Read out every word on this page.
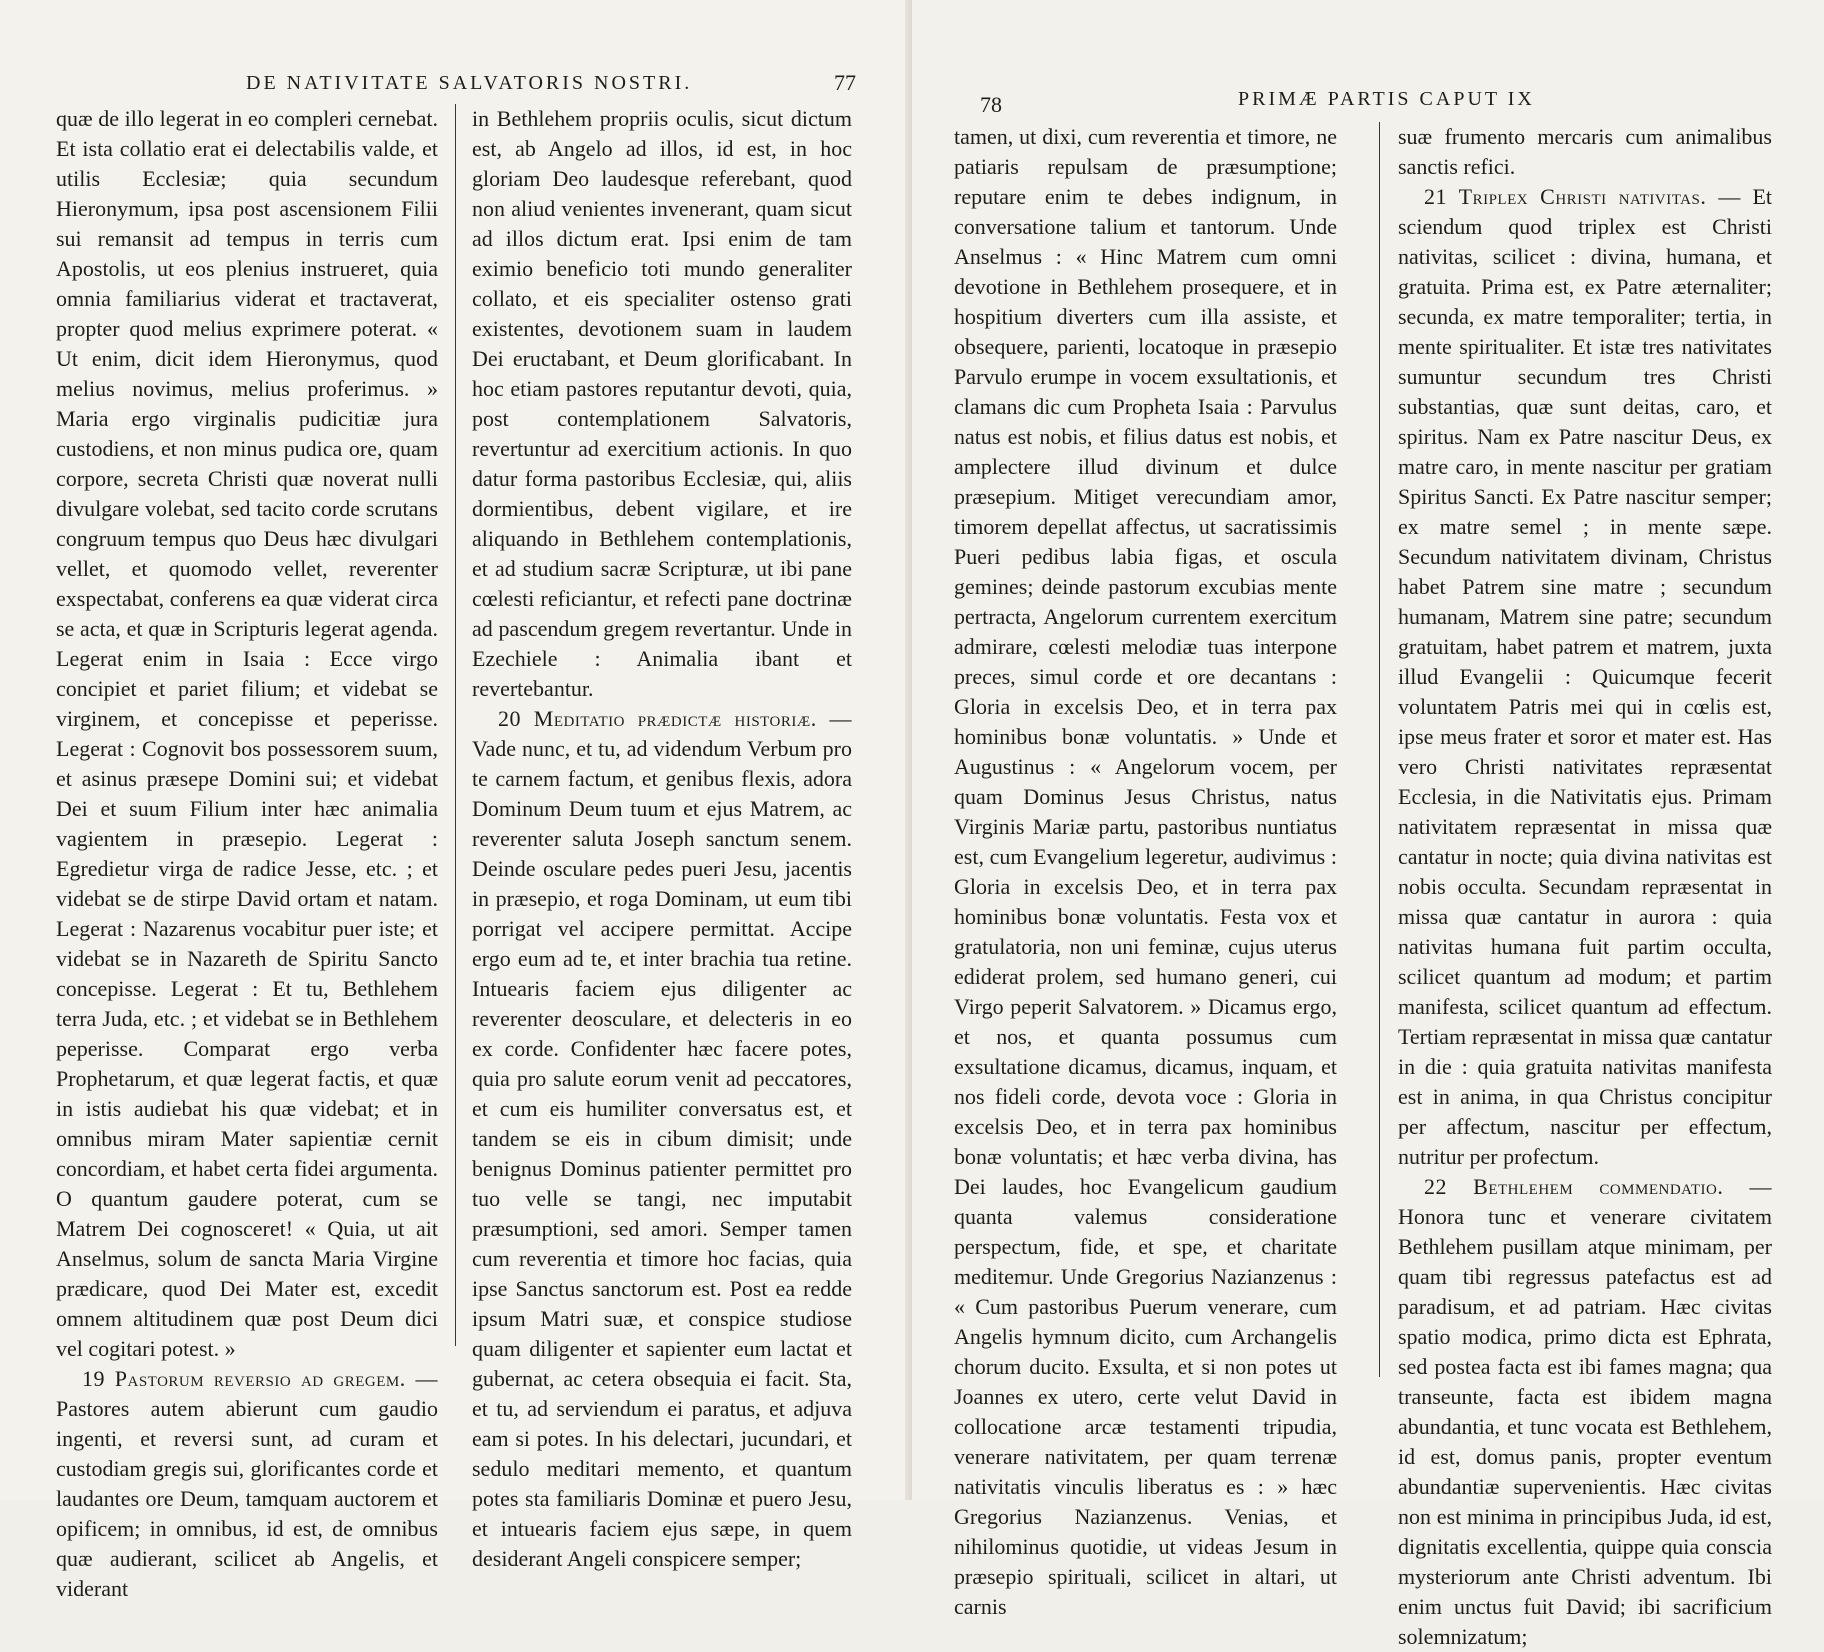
DE NATIVITATE SALVATORIS NOSTRI.	77

quæ de illo legerat in eo compleri cernebat. Et ista collatio erat ei delectabilis valde, et utilis Ecclesiæ; quia secundum Hieronymum, ipsa post ascensionem Filii sui remansit ad tempus in terris cum Apostolis, ut eos plenius instrueret, quia omnia familiarius viderat et tractaverat, propter quod melius exprimere poterat. « Ut enim, dicit idem Hieronymus, quod melius novimus, melius proferimus. » Maria ergo virginalis pudicitiæ jura custodiens, et non minus pudica ore, quam corpore, secreta Christi quæ noverat nulli divulgare volebat, sed tacito corde scrutans congruum tempus quo Deus hæc divulgari vellet, et quomodo vellet, reverenter exspectabat, conferens ea quæ viderat circa se acta, et quæ in Scripturis legerat agenda. Legerat enim in Isaia : Ecce virgo concipiet et pariet filium; et videbat se virginem, et concepisse et peperisse. Legerat : Cognovit bos possessorem suum, et asinus præsepe Domini sui; et videbat Dei et suum Filium inter hæc animalia vagientem in præsepio. Legerat : Egredietur virga de radice Jesse, etc. ; et videbat se de stirpe David ortam et natam. Legerat : Nazarenus vocabitur puer iste; et videbat se in Nazareth de Spiritu Sancto concepisse. Legerat : Et tu, Bethlehem terra Juda, etc. ; et videbat se in Bethlehem peperisse. Comparat ergo verba Prophetarum, et quæ legerat factis, et quæ in istis audiebat his quæ videbat; et in omnibus miram Mater sapientiæ cernit concordiam, et habet certa fidei argumenta. O quantum gaudere poterat, cum se Matrem Dei cognosceret! « Quia, ut ait Anselmus, solum de sancta Maria Virgine prædicare, quod Dei Mater est, excedit omnem altitudinem quæ post Deum dici vel cogitari potest. »

19 Pastorum reversio ad gregem. — Pastores autem abierunt cum gaudio ingenti, et reversi sunt, ad curam et custodiam gregis sui, glorificantes corde et laudantes ore Deum, tamquam auctorem et opificem; in omnibus, id est, de omnibus quæ audierant, scilicet ab Angelis, et viderant

in Bethlehem propriis oculis, sicut dictum est, ab Angelo ad illos, id est, in hoc gloriam Deo laudesque referebant, quod non aliud venientes invenerant, quam sicut ad illos dictum erat. Ipsi enim de tam eximio beneficio toti mundo generaliter collato, et eis specialiter ostenso grati existentes, devotionem suam in laudem Dei eructabant, et Deum glorificabant. In hoc etiam pastores reputantur devoti, quia, post contemplationem Salvatoris, revertuntur ad exercitium actionis. In quo datur forma pastoribus Ecclesiæ, qui, aliis dormientibus, debent vigilare, et ire aliquando in Bethlehem contemplationis, et ad studium sacræ Scripturæ, ut ibi pane cœlesti reficiantur, et refecti pane doctrinæ ad pascendum gregem revertantur. Unde in Ezechiele : Animalia ibant et revertebantur.

20 Meditatio prædictæ historiæ. — Vade nunc, et tu, ad videndum Verbum pro te carnem factum, et genibus flexis, adora Dominum Deum tuum et ejus Matrem, ac reverenter saluta Joseph sanctum senem. Deinde osculare pedes pueri Jesu, jacentis in præsepio, et roga Dominam, ut eum tibi porrigat vel accipere permittat. Accipe ergo eum ad te, et inter brachia tua retine. Intuearis faciem ejus diligenter ac reverenter deosculare, et delecteris in eo ex corde. Confidenter hæc facere potes, quia pro salute eorum venit ad peccatores, et cum eis humiliter conversatus est, et tandem se eis in cibum dimisit; unde benignus Dominus patienter permittet pro tuo velle se tangi, nec imputabit præsumptioni, sed amori. Semper tamen cum reverentia et timore hoc facias, quia ipse Sanctus sanctorum est. Post ea redde ipsum Matri suæ, et conspice studiose quam diligenter et sapienter eum lactat et gubernat, ac cetera obsequia ei facit. Sta, et tu, ad serviendum ei paratus, et adjuva eam si potes. In his delectari, jucundari, et sedulo meditari memento, et quantum potes sta familiaris Dominæ et puero Jesu, et intuearis faciem ejus sæpe, in quem desiderant Angeli conspicere semper;

78	PRIMÆ PARTIS CAPUT IX

tamen, ut dixi, cum reverentia et timore, ne patiaris repulsam de præsumptione; reputare enim te debes indignum, in conversatione talium et tantorum. Unde Anselmus : « Hinc Matrem cum omni devotione in Bethlehem prosequere, et in hospitium diverters cum illa assiste, et obsequere, parienti, locatoque in præsepio Parvulo erumpe in vocem exsultationis, et clamans dic cum Propheta Isaia : Parvulus natus est nobis, et filius datus est nobis, et amplectere illud divinum et dulce præsepium. Mitiget verecundiam amor, timorem depellat affectus, ut sacratissimis Pueri pedibus labia figas, et oscula gemines; deinde pastorum excubias mente pertracta, Angelorum currentem exercitum admirare, cœlesti melodiæ tuas interpone preces, simul corde et ore decantans : Gloria in excelsis Deo, et in terra pax hominibus bonæ voluntatis. » Unde et Augustinus : « Angelorum vocem, per quam Dominus Jesus Christus, natus Virginis Mariæ partu, pastoribus nuntiatus est, cum Evangelium legeretur, audivimus : Gloria in excelsis Deo, et in terra pax hominibus bonæ voluntatis. Festa vox et gratulatoria, non uni feminæ, cujus uterus ediderat prolem, sed humano generi, cui Virgo peperit Salvatorem. » Dicamus ergo, et nos, et quanta possumus cum exsultatione dicamus, dicamus, inquam, et nos fideli corde, devota voce : Gloria in excelsis Deo, et in terra pax hominibus bonæ voluntatis; et hæc verba divina, has Dei laudes, hoc Evangelicum gaudium quanta valemus consideratione perspectum, fide, et spe, et charitate meditemur. Unde Gregorius Nazianzenus : « Cum pastoribus Puerum venerare, cum Angelis hymnum dicito, cum Archangelis chorum ducito. Exsulta, et si non potes ut Joannes ex utero, certe velut David in collocatione arcæ testamenti tripudia, venerare nativitatem, per quam terrenæ nativitatis vinculis liberatus es : » hæc Gregorius Nazianzenus. Venias, et nihilominus quotidie, ut videas Jesum in præsepio spirituali, scilicet in altari, ut carnis

suæ frumento mercaris cum animalibus sanctis refici.

21 Triplex Christi nativitas. — Et sciendum quod triplex est Christi nativitas, scilicet : divina, humana, et gratuita. Prima est, ex Patre æternaliter; secunda, ex matre temporaliter; tertia, in mente spiritualiter. Et istæ tres nativitates sumuntur secundum tres Christi substantias, quæ sunt deitas, caro, et spiritus. Nam ex Patre nascitur Deus, ex matre caro, in mente nascitur per gratiam Spiritus Sancti. Ex Patre nascitur semper; ex matre semel ; in mente sæpe. Secundum nativitatem divinam, Christus habet Patrem sine matre ; secundum humanam, Matrem sine patre; secundum gratuitam, habet patrem et matrem, juxta illud Evangelii : Quicumque fecerit voluntatem Patris mei qui in cœlis est, ipse meus frater et soror et mater est. Has vero Christi nativitates repræsentat Ecclesia, in die Nativitatis ejus. Primam nativitatem repræsentat in missa quæ cantatur in nocte; quia divina nativitas est nobis occulta. Secundam repræsentat in missa quæ cantatur in aurora : quia nativitas humana fuit partim occulta, scilicet quantum ad modum; et partim manifesta, scilicet quantum ad effectum. Tertiam repræsentat in missa quæ cantatur in die : quia gratuita nativitas manifesta est in anima, in qua Christus concipitur per affectum, nascitur per effectum, nutritur per profectum.

22 Bethlehem commendatio. — Honora tunc et venerare civitatem Bethlehem pusillam atque minimam, per quam tibi regressus patefactus est ad paradisum, et ad patriam. Hæc civitas spatio modica, primo dicta est Ephrata, sed postea facta est ibi fames magna; qua transeunte, facta est ibidem magna abundantia, et tunc vocata est Bethlehem, id est, domus panis, propter eventum abundantiæ supervenientis. Hæc civitas non est minima in principibus Juda, id est, dignitatis excellentia, quippe quia conscia mysteriorum ante Christi adventum. Ibi enim unctus fuit David; ibi sacrificium solemnizatum;
